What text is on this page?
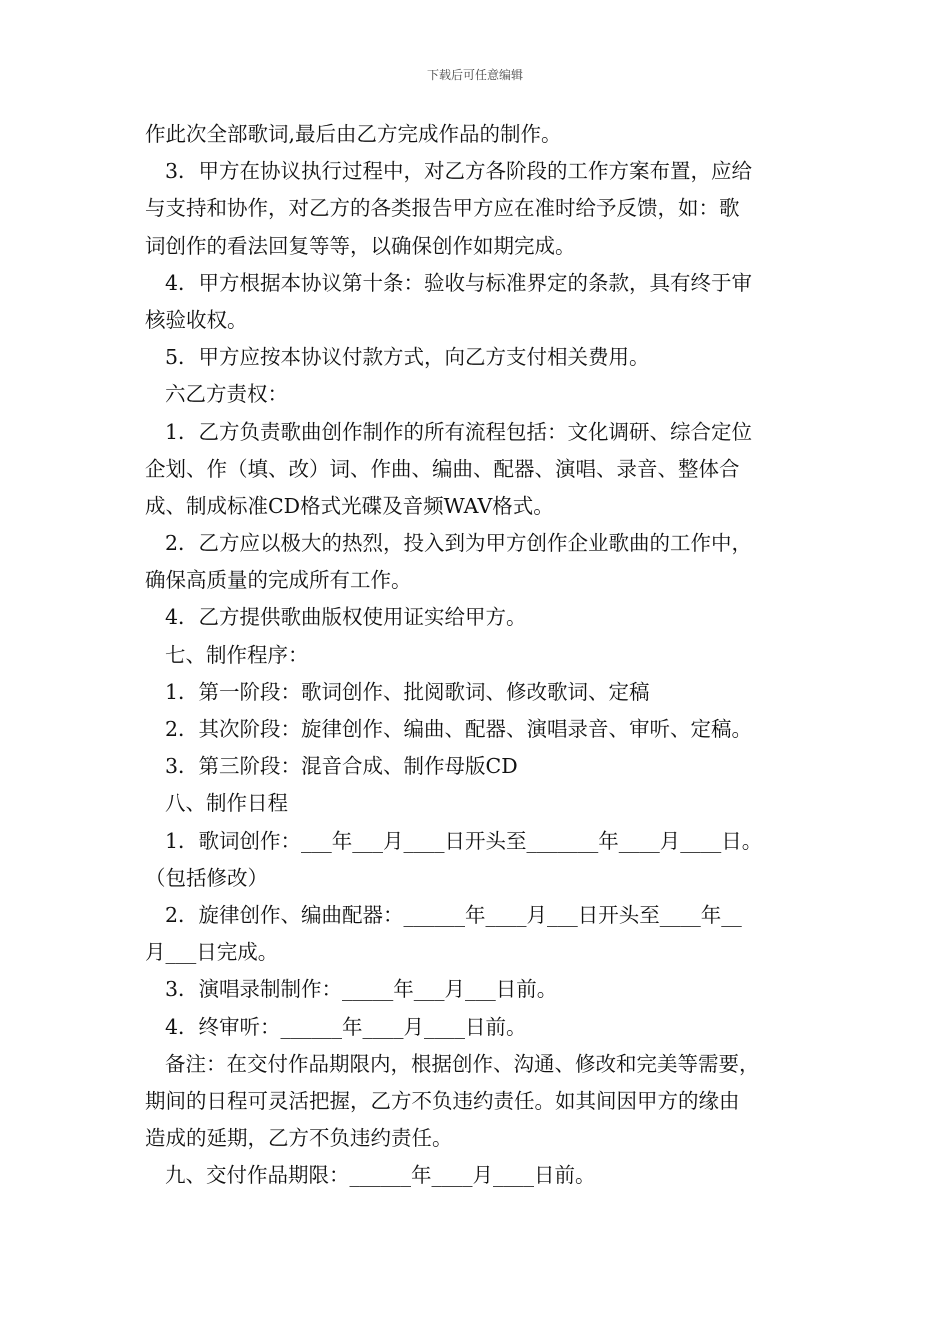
下载后可任意编辑
作此次全部歌词,最后由乙方完成作品的制作。
3．甲方在协议执行过程中，对乙方各阶段的工作方案布置，应给
与支持和协作，对乙方的各类报告甲方应在准时给予反馈，如：歌
词创作的看法回复等等，以确保创作如期完成。
4．甲方根据本协议第十条：验收与标准界定的条款，具有终于审
核验收权。
5．甲方应按本协议付款方式，向乙方支付相关费用。
六乙方责权：
1．乙方负责歌曲创作制作的所有流程包括：文化调研、综合定位
企划、作（填、改）词、作曲、编曲、配器、演唱、录音、整体合
成、制成标准CD格式光碟及音频WAV格式。
2．乙方应以极大的热烈，投入到为甲方创作企业歌曲的工作中，
确保高质量的完成所有工作。
4．乙方提供歌曲版权使用证实给甲方。
七、制作程序：
1．第一阶段：歌词创作、批阅歌词、修改歌词、定稿
2．其次阶段：旋律创作、编曲、配器、演唱录音、审听、定稿。
3．第三阶段：混音合成、制作母版CD
八、制作日程
1．歌词创作：___年___月____日开头至_______年____月____日。
（包括修改）
2．旋律创作、编曲配器：______年____月___日开头至____年__
月___日完成。
3．演唱录制制作：_____年___月___日前。
4．终审听：______年____月____日前。
备注：在交付作品期限内，根据创作、沟通、修改和完美等需要，
期间的日程可灵活把握，乙方不负违约责任。如其间因甲方的缘由
造成的延期，乙方不负违约责任。
九、交付作品期限：______年____月____日前。
